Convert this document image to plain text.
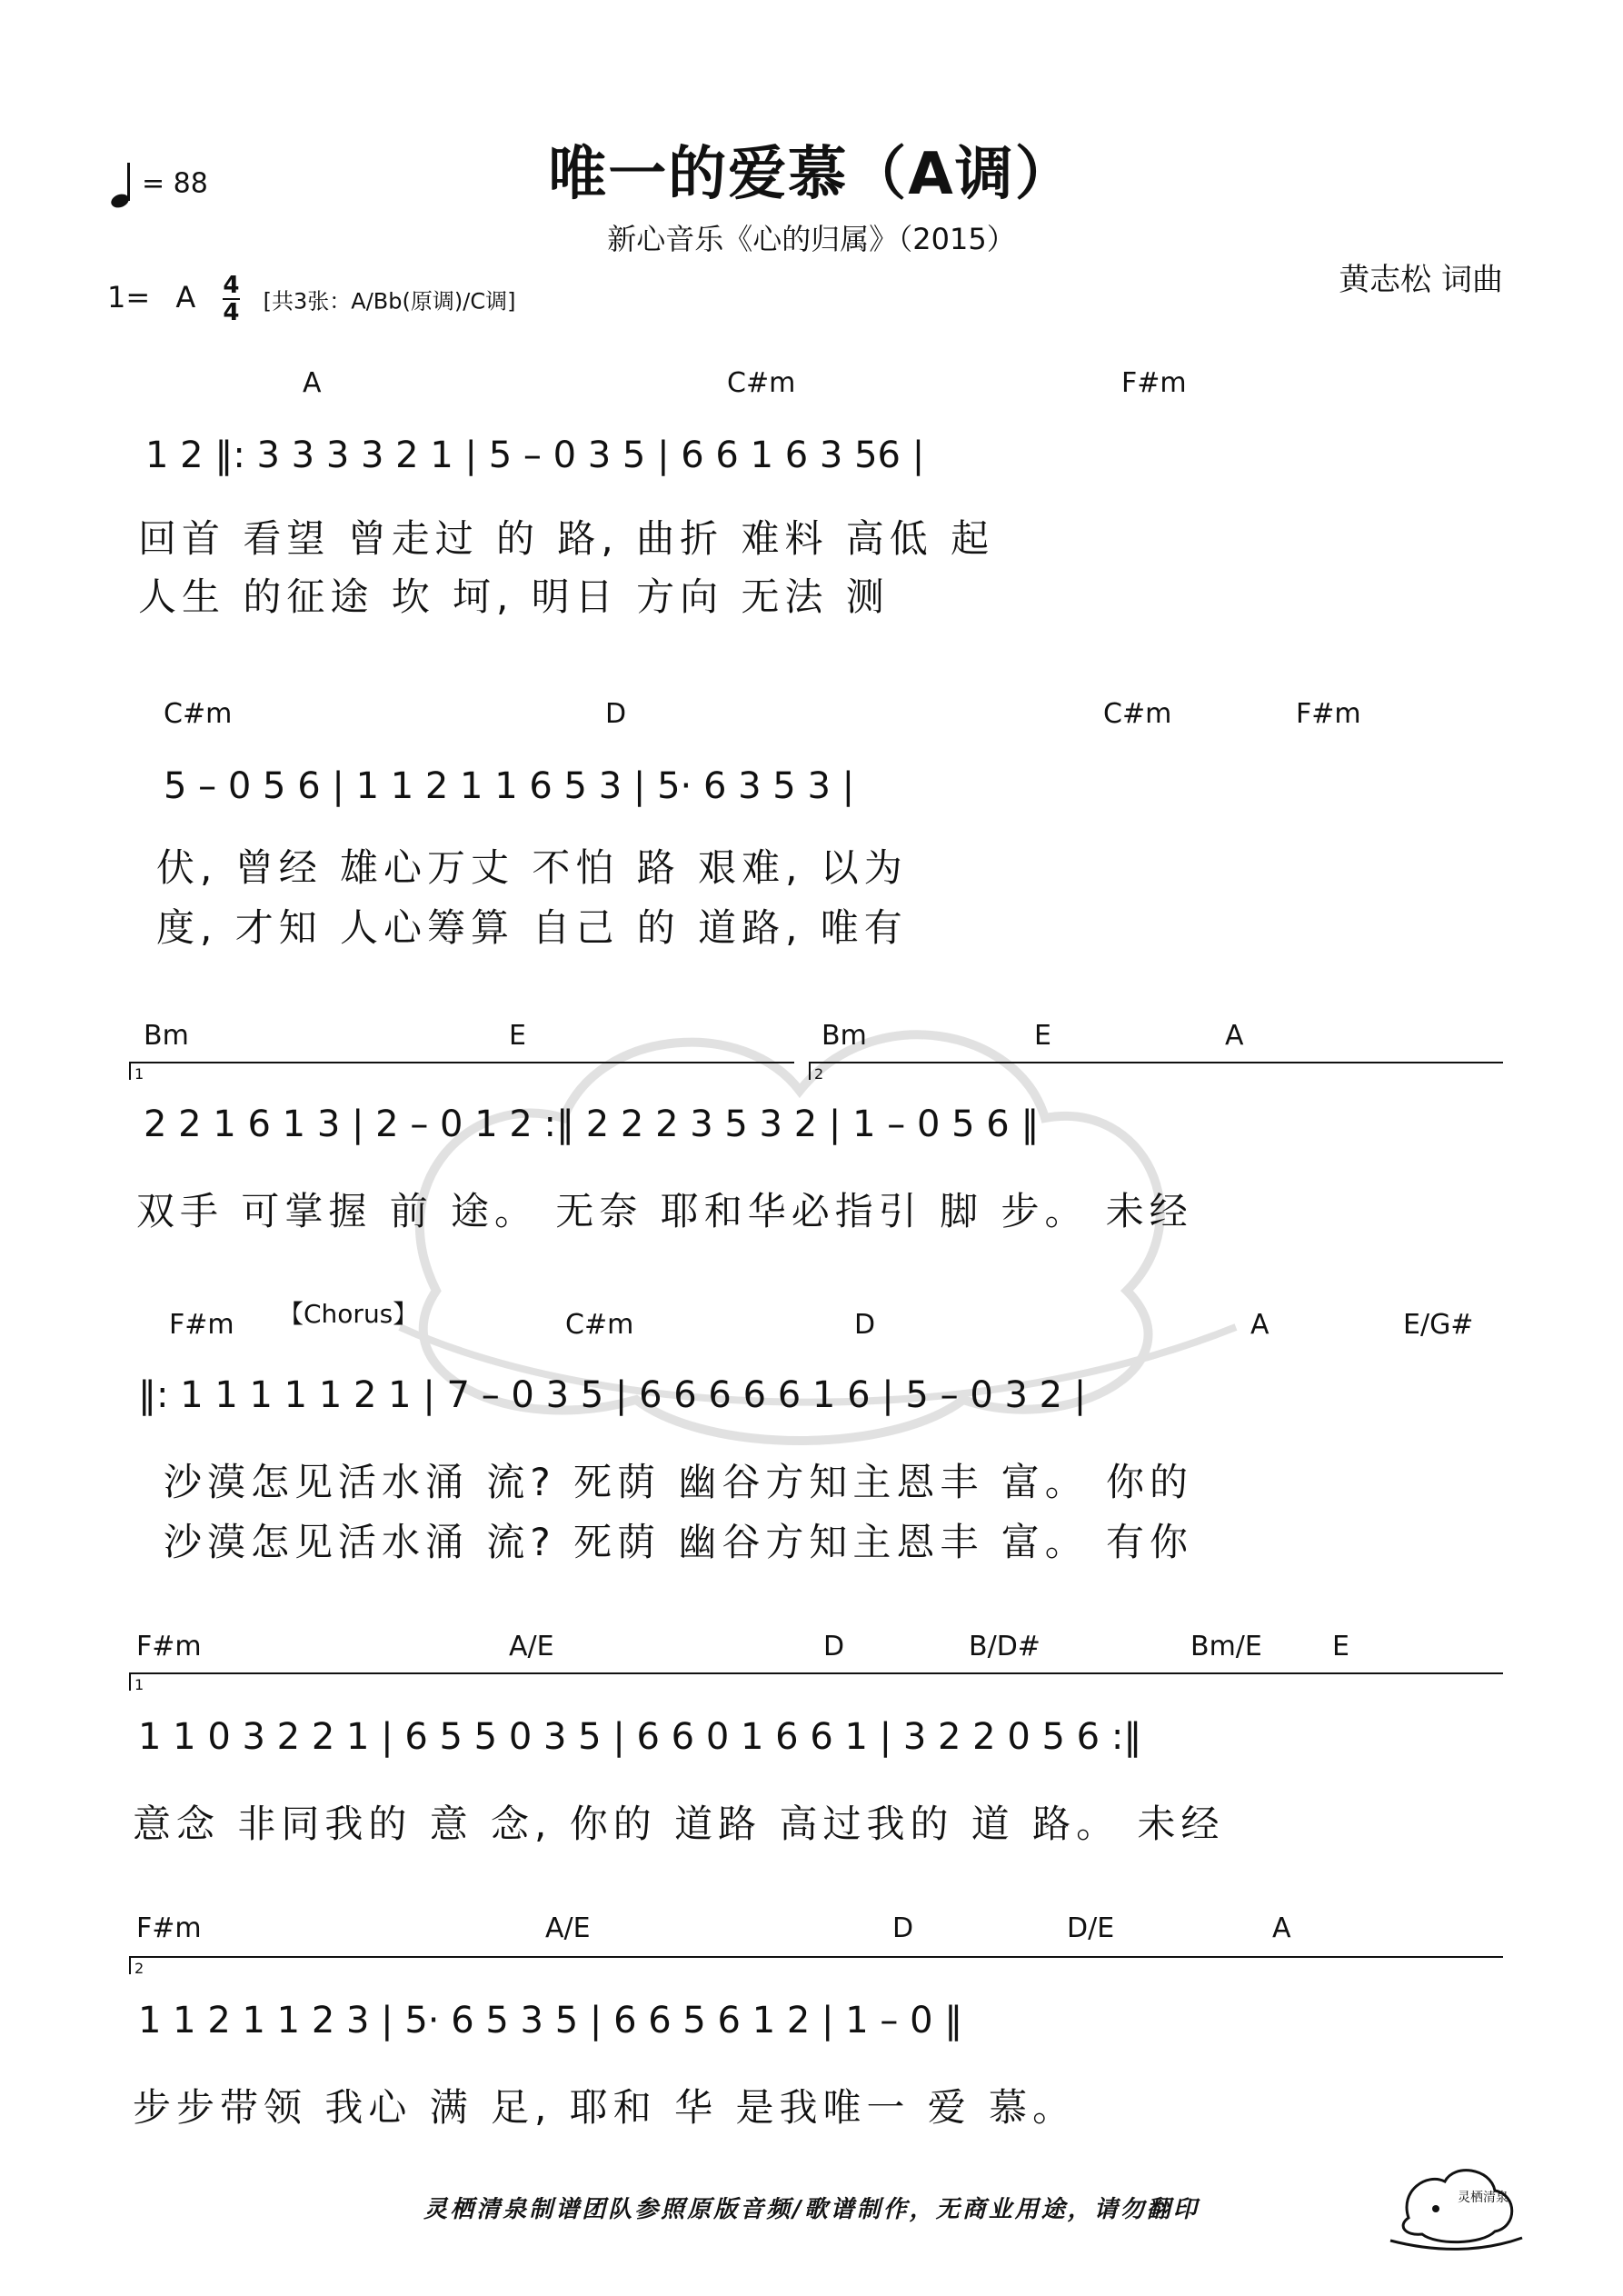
唯一的爱慕（A调）
新心音乐《心的归属》（2015）
= 88
1= A $\frac{4}{4}$ [共3张：A/Bb(原调)/C调]
黄志松 词曲
A	C#m	F#m
1 2 ‖: 3 3 3 3 2 1 | 5 – 0 3 5 | 6 6 1 6 3 56 |
回首 看望 曾走过 的 路, 曲折 难料 高低 起
人生 的征途 坎 坷, 明日 方向 无法 测
C#m	D	C#m	F#m
5 – 0 5 6 | 1 1 2 1 1 6 5 3 | 5· 6 3 5 3 |
伏, 曾经 雄心万丈 不怕 路 艰难, 以为
度, 才知 人心筹算 自己 的 道路, 唯有
Bm	E	Bm	E	A
1	2
2 2 1 6 1 3 | 2 – 0 1 2 :‖ 2 2 2 3 5 3 2 | 1 – 0 5 6 ‖
双手 可掌握 前 途。 无奈 耶和华必指引 脚 步。 未经
F#m 【Chorus】	C#m	D	A	E/G#
‖: 1 1 1 1 1 2 1 | 7 – 0 3 5 | 6 6 6 6 6 1 6 | 5 – 0 3 2 |
沙漠怎见活水涌 流? 死荫 幽谷方知主恩丰 富。 你的
沙漠怎见活水涌 流? 死荫 幽谷方知主恩丰 富。 有你
F#m	A/E	D	B/D#	Bm/E	E
1
1 1 0 3 2 2 1 | 6 5 5 0 3 5 | 6 6 0 1 6 6 1 | 3 2 2 0 5 6 :‖
意念 非同我的 意 念, 你的 道路 高过我的 道 路。 未经
F#m	A/E	D	D/E	A
2
1 1 2 1 1 2 3 | 5· 6 5 3 5 | 6 6 5 6 1 2 | 1 – 0 ‖
步步带领 我心 满 足, 耶和 华 是我唯一 爱 慕。
灵栖清泉制谱团队参照原版音频/歌谱制作，无商业用途，请勿翻印	灵栖清泉
